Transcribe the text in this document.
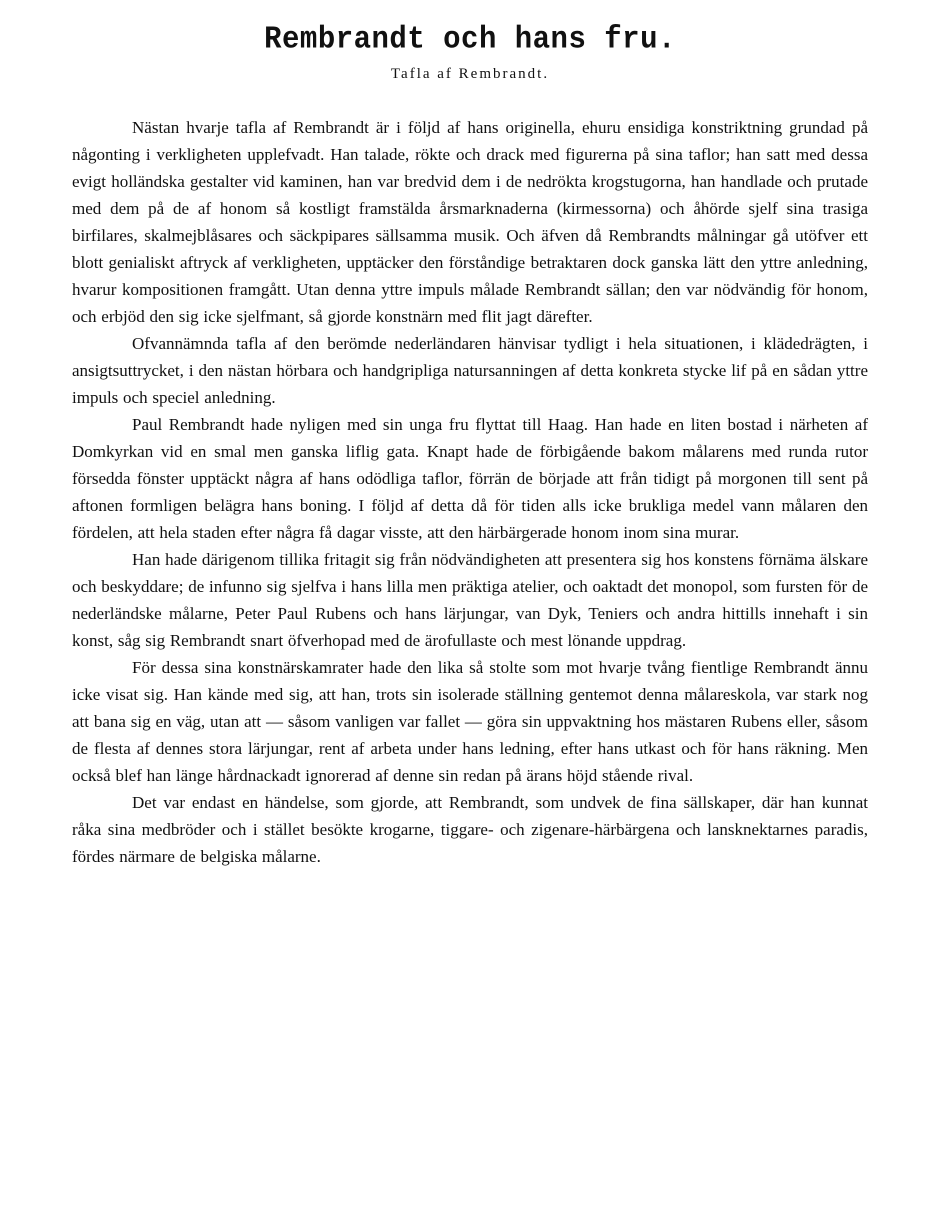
Rembrandt och hans fru.
Tafla af Rembrandt.

Nästan hvarje tafla af Rembrandt är i följd af hans originella, ehuru ensidiga konstriktning grundad på någonting i verkligheten upplefvadt. Han talade, rökte och drack med figurerna på sina taflor; han satt med dessa evigt holländska gestalter vid kaminen, han var bredvid dem i de nedrökta krogstugorna, han handlade och prutade med dem på de af honom så kostligt framstälda årsmarknaderna (kirmessorna) och åhörde sjelf sina trasiga birfilares, skalmejblåsares och säckpipares sällsamma musik. Och äfven då Rembrandts målningar gå utöfver ett blott genialiskt aftryck af verkligheten, upptäcker den förståndige betraktaren dock ganska lätt den yttre anledning, hvarur kompositionen framgått. Utan denna yttre impuls målade Rembrandt sällan; den var nödvändig för honom, och erbjöd den sig icke sjelfmant, så gjorde konstnärn med flit jagt därefter.

Ofvannämnda tafla af den berömde nederländaren hänvisar tydligt i hela situationen, i klädedrägten, i ansigtsuttrycket, i den nästan hörbara och handgripliga natursanningen af detta konkreta stycke lif på en sådan yttre impuls och speciel anledning.

Paul Rembrandt hade nyligen med sin unga fru flyttat till Haag. Han hade en liten bostad i närheten af Domkyrkan vid en smal men ganska liflig gata. Knapt hade de förbigående bakom målarens med runda rutor försedda fönster upptäckt några af hans odödliga taflor, förrän de började att från tidigt på morgonen till sent på aftonen formligen belägra hans boning. I följd af detta då för tiden alls icke brukliga medel vann målaren den fördelen, att hela staden efter några få dagar visste, att den härbärgerade honom inom sina murar.

Han hade därigenom tillika fritagit sig från nödvändigheten att presentera sig hos konstens förnäma älskare och beskyddare; de infunno sig sjelfva i hans lilla men präktiga atelier, och oaktadt det monopol, som fursten för de nederländske målarne, Peter Paul Rubens och hans lärjungar, van Dyk, Teniers och andra hittills innehaft i sin konst, såg sig Rembrandt snart öfverhopad med de ärofullaste och mest lönande uppdrag.

För dessa sina konstnärskamrater hade den lika så stolte som mot hvarje tvång fientlige Rembrandt ännu icke visat sig. Han kände med sig, att han, trots sin isolerade ställning gentemot denna målareskola, var stark nog att bana sig en väg, utan att — såsom vanligen var fallet — göra sin uppvaktning hos mästaren Rubens eller, såsom de flesta af dennes stora lärjungar, rent af arbeta under hans ledning, efter hans utkast och för hans räkning. Men också blef han länge hårdnackadt ignorerad af denne sin redan på ärans höjd stående rival.

Det var endast en händelse, som gjorde, att Rembrandt, som undvek de fina sällskaper, där han kunnat råka sina medbröder och i stället besökte krogarne, tiggare- och zigenare-härbärgena och lansknektarnes paradis, fördes närmare de belgiska målarne.
